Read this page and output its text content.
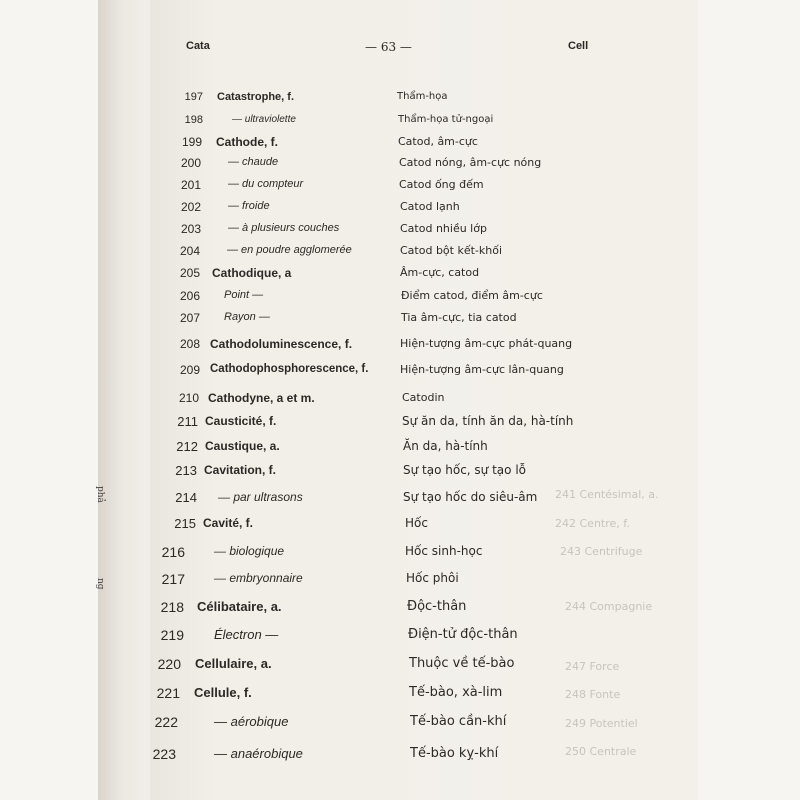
phả
ng
241 Centésimal, a.
242 Centre, f.
243 Centrifuge
244 Compagnie
247 Force
248 Fonte
249 Potentiel
250 Centrale
Cata	— 63 —	Cell
197 Catastrophe, f.	Thẩm-họa
198	— ultraviolette	Thẩm-họa tử-ngoại
199 Cathode, f.	Catod, âm-cực
200 — chaude	Catod nóng, âm-cực nóng
201 — du compteur	Catod ống đếm
202 — froide	Catod lạnh
203 — à plusieurs couches	Catod nhiều lớp
204 — en poudre agglomerée	Catod bột kết-khối
205 Cathodique, a	Âm-cực, catod
206 Point —	Điểm catod, điểm âm-cực
207 Rayon —	Tia âm-cực, tia catod
208 Cathodoluminescence, f.	Hiện-tượng âm-cực phát-quang
209 Cathodophosphorescence, f.	Hiện-tượng âm-cực lân-quang
210 Cathodyne, a et m.	Catodin
211 Causticité, f.	Sự ăn da, tính ăn da, hà-tính
212 Caustique, a.	Ăn da, hà-tính
213 Cavitation, f.	Sự tạo hốc, sự tạo lỗ
214 — par ultrasons	Sự tạo hốc do siêu-âm
215 Cavité, f.	Hốc
216 — biologique	Hốc sinh-học
217 — embryonnaire	Hốc phôi
218 Célibataire, a.	Độc-thân
219 Électron —	Điện-tử độc-thân
220 Cellulaire, a.	Thuộc về tế-bào
221 Cellule, f.	Tế-bào, xà-lim
222	— aérobique	Tế-bào cần-khí
223	— anaérobique	Tế-bào kỵ-khí
